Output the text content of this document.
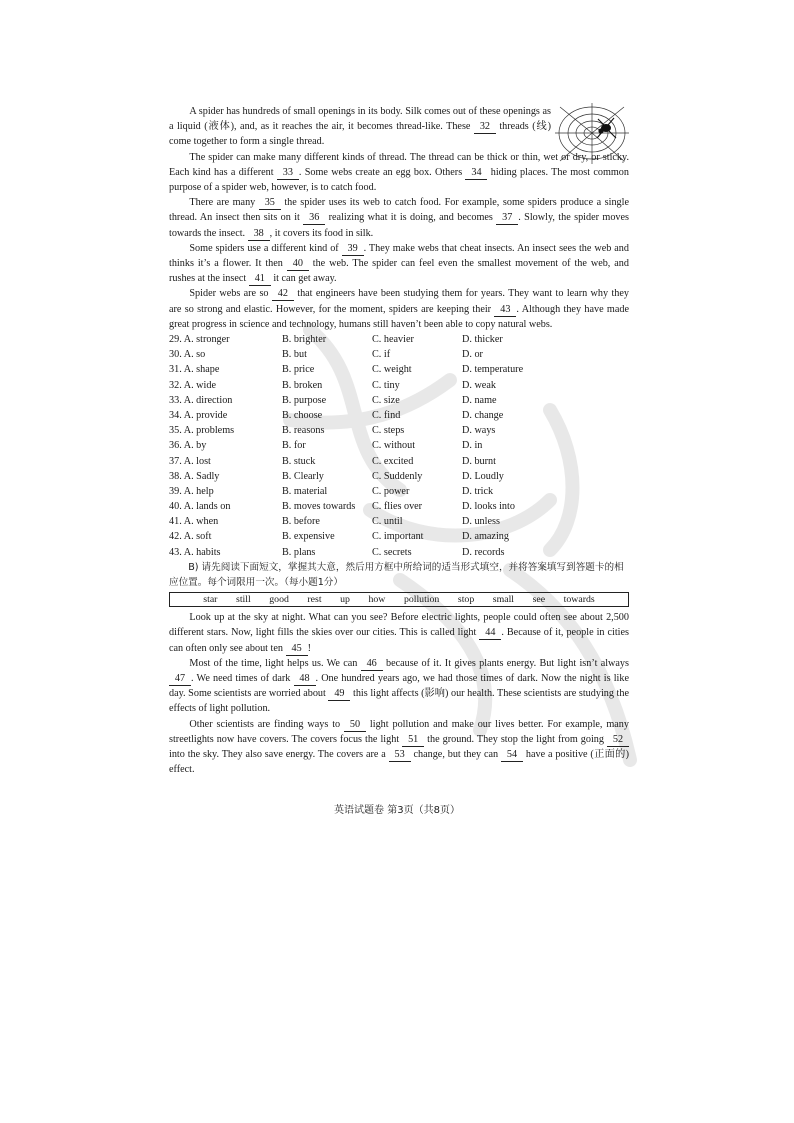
A spider has hundreds of small openings in its body. Silk comes out of these openings as a liquid (液体), and, as it reaches the air, it becomes thread-like. These 32 threads (线) come together to form a single thread.

The spider can make many different kinds of thread. The thread can be thick or thin, wet or dry, or sticky. Each kind has a different 33 . Some webs create an egg box. Others 34 hiding places. The most common purpose of a spider web, however, is to catch food.

There are many 35 the spider uses its web to catch food. For example, some spiders produce a single thread. An insect then sits on it 36 realizing what it is doing, and becomes 37 . Slowly, the spider moves towards the insect. 38 , it covers its food in silk.

Some spiders use a different kind of 39 . They make webs that cheat insects. An insect sees the web and thinks it’s a flower. It then 40 the web. The spider can feel even the smallest movement of the web, and rushes at the insect 41 it can get away.

Spider webs are so 42 that engineers have been studying them for years. They want to learn why they are so strong and elastic. However, for the moment, spiders are keeping their 43 . Although they have made great progress in science and technology, humans still haven’t been able to copy natural webs.

29. A. stronger	B. brighter	C. heavier	D. thicker
30. A. so	B. but	C. if	D. or
31. A. shape	B. price	C. weight	D. temperature
32. A. wide	B. broken	C. tiny	D. weak
33. A. direction	B. purpose	C. size	D. name
34. A. provide	B. choose	C. find	D. change
35. A. problems	B. reasons	C. steps	D. ways
36. A. by	B. for	C. without	D. in
37. A. lost	B. stuck	C. excited	D. burnt
38. A. Sadly	B. Clearly	C. Suddenly	D. Loudly
39. A. help	B. material	C. power	D. trick
40. A. lands on	B. moves towards	C. flies over	D. looks into
41. A. when	B. before	C. until	D. unless
42. A. soft	B. expensive	C. important	D. amazing
43. A. habits	B. plans	C. secrets	D. records

B) 请先阅读下面短文，掌握其大意，然后用方框中所给词的适当形式填空，并将答案填写到答题卡的相应位置。每个词限用一次。（每小题1分）

star still good rest up how pollution stop small see towards

Look up at the sky at night. What can you see? Before electric lights, people could often see about 2,500 different stars. Now, light fills the skies over our cities. This is called light 44 . Because of it, people in cities can often only see about ten 45 !

Most of the time, light helps us. We can 46 because of it. It gives plants energy. But light isn’t always 47 . We need times of dark 48 . One hundred years ago, we had those times of dark. Now the night is like day. Some scientists are worried about 49 this light affects (影响) our health. These scientists are studying the effects of light pollution.

Other scientists are finding ways to 50 light pollution and make our lives better. For example, many streetlights now have covers. The covers focus the light 51 the ground. They stop the light from going 52 into the sky. They also save energy. The covers are a 53 change, but they can 54 have a positive (正面的) effect.

英语试题卷 第3页（共8页）
